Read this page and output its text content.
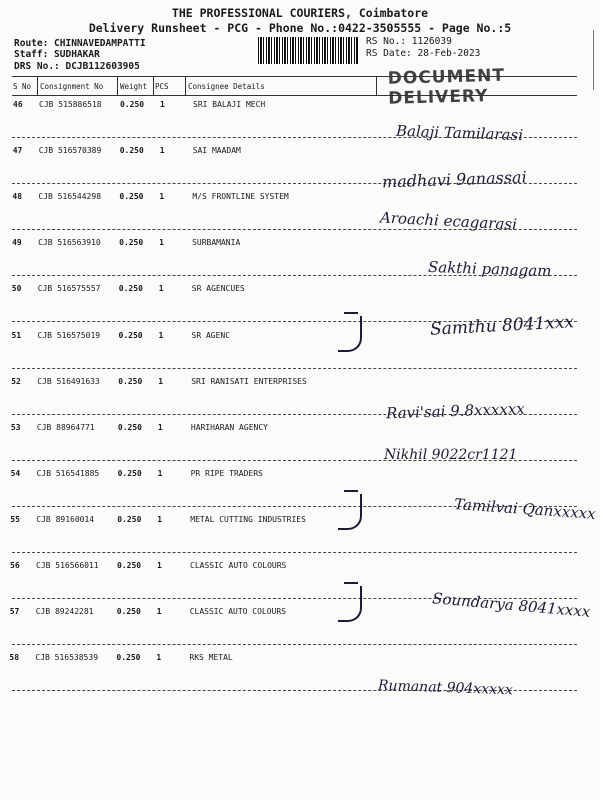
THE PROFESSIONAL COURIERS, Coimbatore
Delivery Runsheet - PCG - Phone No.:0422-3505555 - Page No.:5
Route: CHINNAVEDAMPATTI
Staff: SUDHAKAR
DRS No.: DCJB112603905
RS No.: 1126039
RS Date: 28-Feb-2023
DOCUMENT DELIVERY
S No Consignment No Weight PCS	Consignee Details
46 CJB 515886518 0.250 1	SRI BALAJI MECH
47 CJB 516570389 0.250 1	SAI MAADAM
48 CJB 516544298 0.250 1	M/S FRONTLINE SYSTEM
49 CJB 516563910 0.250 1	SURBAMANIA
50 CJB 516575557 0.250 1	SR AGENCUES
51 CJB 516575019 0.250 1	SR AGENC
52 CJB 516491633 0.250 1	SRI RANISATI ENTERPRISES
53 CJB 88964771	0.250 1	HARIHARAN AGENCY
54 CJB 516541885 0.250 1	PR RIPE TRADERS
55 CJB 89160014	0.250 1	METAL CUTTING INDUSTRIES
56 CJB 516566011 0.250 1	CLASSIC AUTO COLOURS
57 CJB 89242281	0.250 1	CLASSIC AUTO COLOURS
58 CJB 516538539 0.250 1	RKS METAL
Balaji Tamilarasi
madhavi 9anassai
Aroachi ecagarasi
Sakthi panagam
Samthu 8041xxx
Ravi'sai 9.8xxxxxx
Nikhil 9022cr1121
Tamilvai Qanxxxxx
Soundarya 8041xxxx
Rumanat 904xxxxx
